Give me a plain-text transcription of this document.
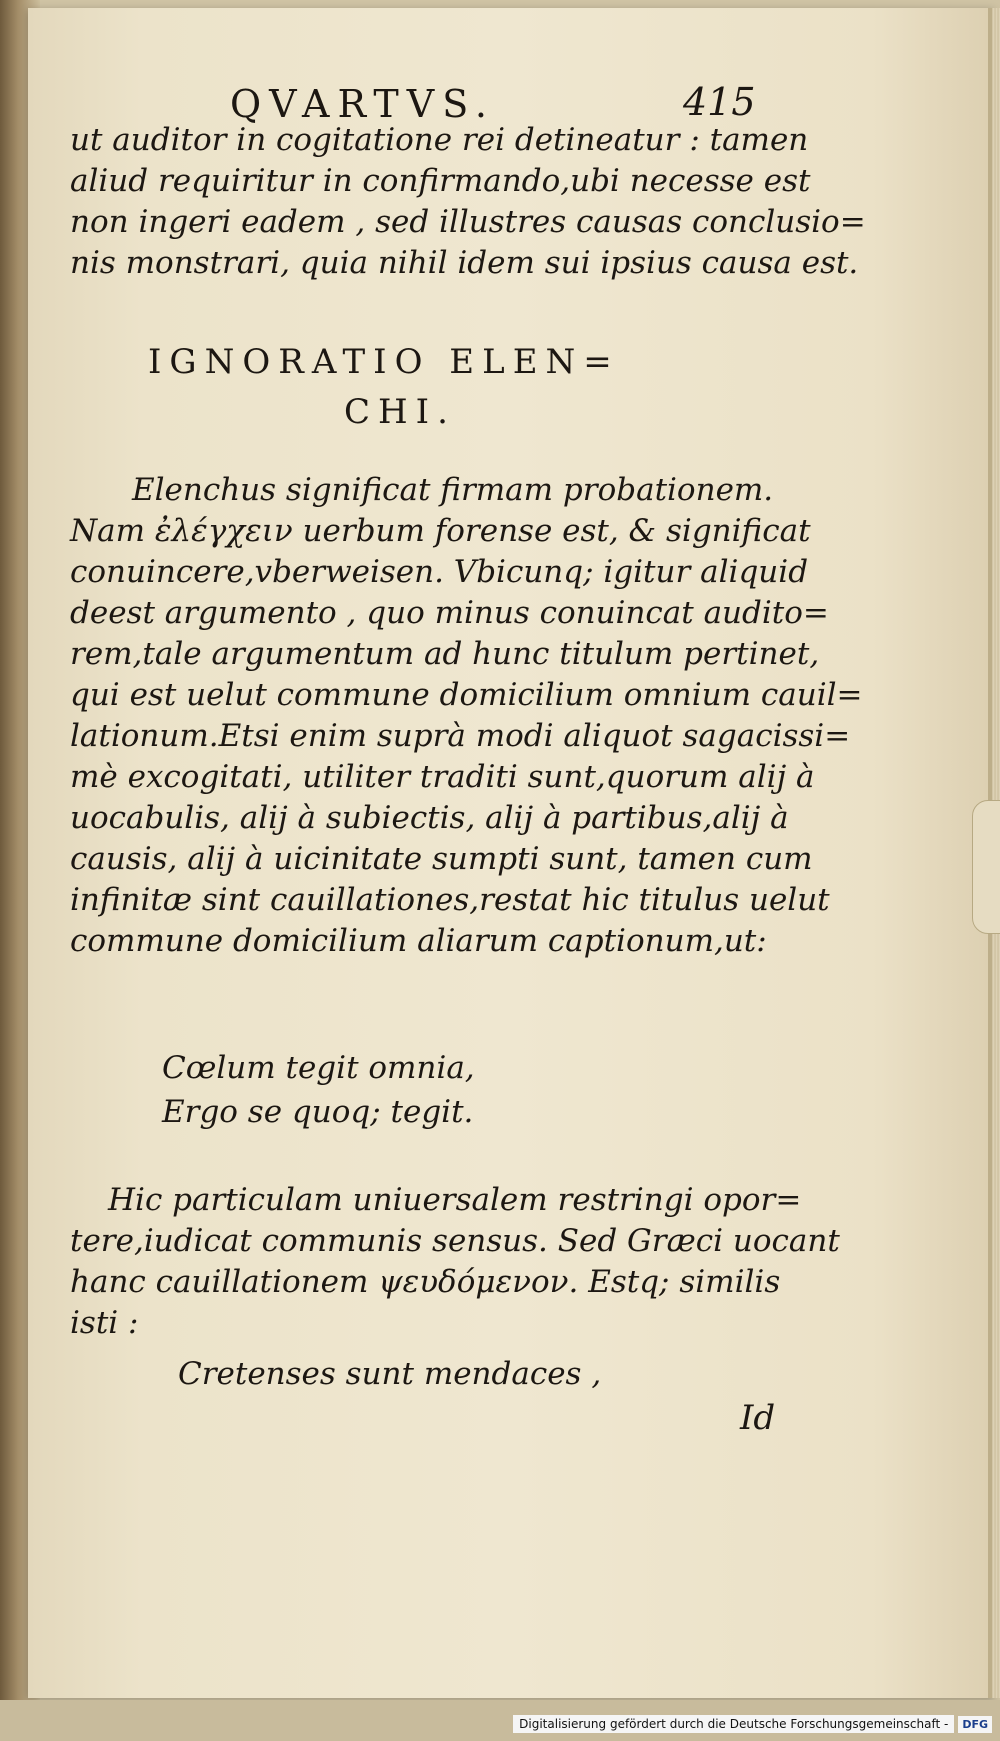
QVARTVS.	415
ut auditor in cogitatione rei detineatur : tamen
aliud requiritur in confirmando,ubi necesse est
non ingeri eadem , sed illustres causas conclusio=
nis monstrari, quia nihil idem sui ipsius causa est.
IGNORATIO ELEN=
CHI.
Elenchus significat firmam probationem.
Nam ἐλέγχειν uerbum forense est, & significat
conuincere,vberweisen. Vbicunq; igitur aliquid
deest argumento , quo minus conuincat audito=
rem,tale argumentum ad hunc titulum pertinet,
qui est uelut commune domicilium omnium cauil=
lationum.Etsi enim suprà modi aliquot sagacissi=
mè excogitati, utiliter traditi sunt,quorum alij à
uocabulis, alij à subiectis, alij à partibus,alij à
causis, alij à uicinitate sumpti sunt, tamen cum
infinitæ sint cauillationes,restat hic titulus uelut
commune domicilium aliarum captionum,ut:
Cœlum tegit omnia,
Ergo se quoq; tegit.
Hic particulam uniuersalem restringi opor=
tere,iudicat communis sensus. Sed Græci uocant
hanc cauillationem ψευδόμενον. Estq; similis
isti :
Cretenses sunt mendaces ,
Id
Digitalisierung gefördert durch die Deutsche Forschungsgemeinschaft -	DFG
